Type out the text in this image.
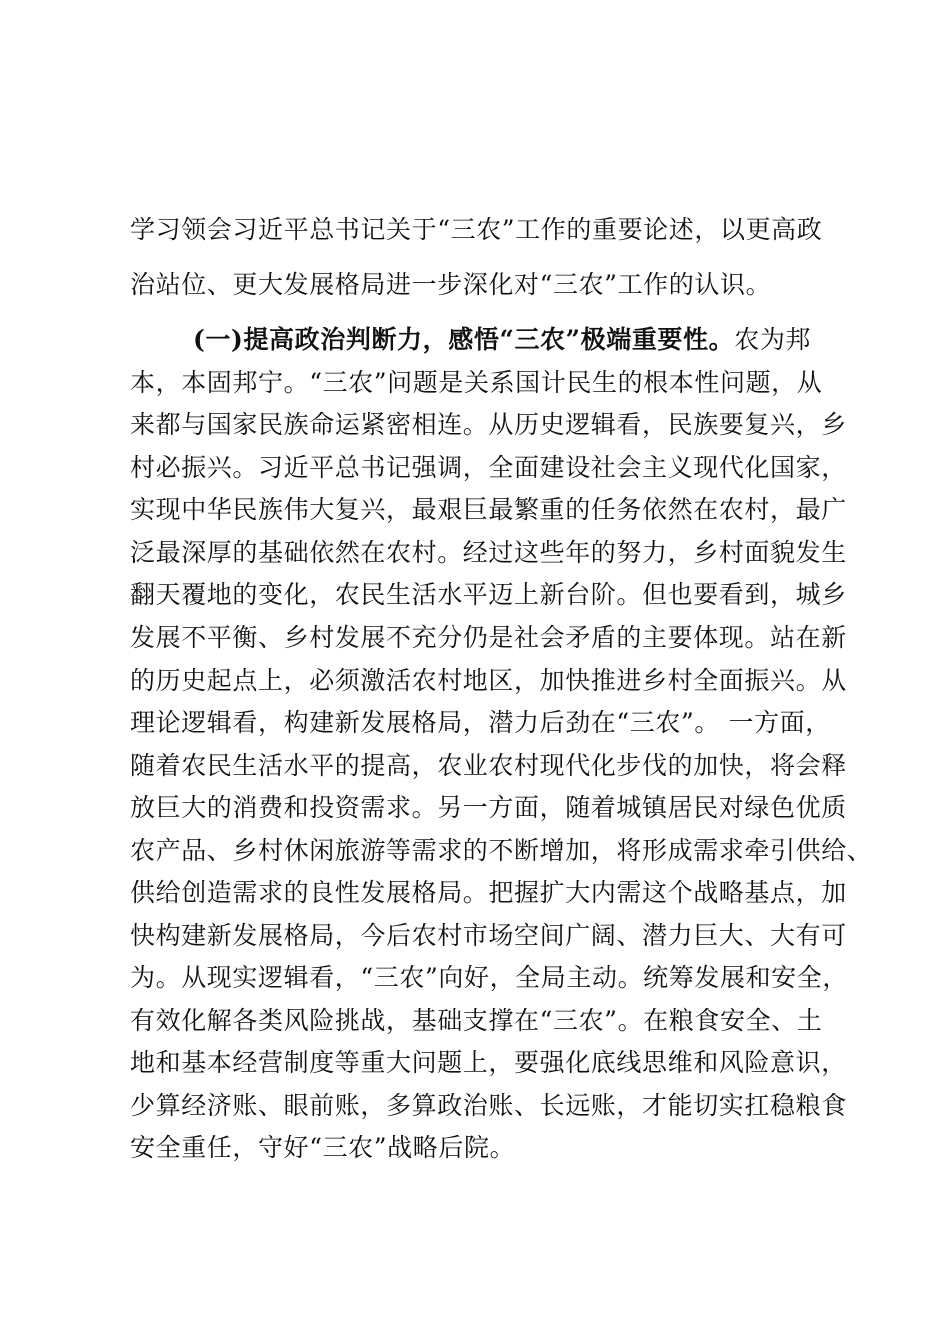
学习领会习近平总书记关于“三农”工作的重要论述，以更高政
治站位、更大发展格局进一步深化对“三农”工作的认识。
(一)提高政治判断力，感悟“三农”极端重要性。农为邦
本，本固邦宁。“三农”问题是关系国计民生的根本性问题，从
来都与国家民族命运紧密相连。从历史逻辑看，民族要复兴，乡
村必振兴。习近平总书记强调，全面建设社会主义现代化国家，
实现中华民族伟大复兴，最艰巨最繁重的任务依然在农村，最广
泛最深厚的基础依然在农村。经过这些年的努力，乡村面貌发生
翻天覆地的变化，农民生活水平迈上新台阶。但也要看到，城乡
发展不平衡、乡村发展不充分仍是社会矛盾的主要体现。站在新
的历史起点上，必须激活农村地区，加快推进乡村全面振兴。从
理论逻辑看，构建新发展格局，潜力后劲在“三农”。 一方面，
随着农民生活水平的提高，农业农村现代化步伐的加快，将会释
放巨大的消费和投资需求。另一方面，随着城镇居民对绿色优质
农产品、乡村休闲旅游等需求的不断增加，将形成需求牵引供给、
供给创造需求的良性发展格局。把握扩大内需这个战略基点，加
快构建新发展格局，今后农村市场空间广阔、潜力巨大、大有可
为。从现实逻辑看，“三农”向好，全局主动。统筹发展和安全，
有效化解各类风险挑战，基础支撑在“三农”。在粮食安全、土
地和基本经营制度等重大问题上，要强化底线思维和风险意识，
少算经济账、眼前账，多算政治账、长远账，才能切实扛稳粮食
安全重任，守好“三农”战略后院。
